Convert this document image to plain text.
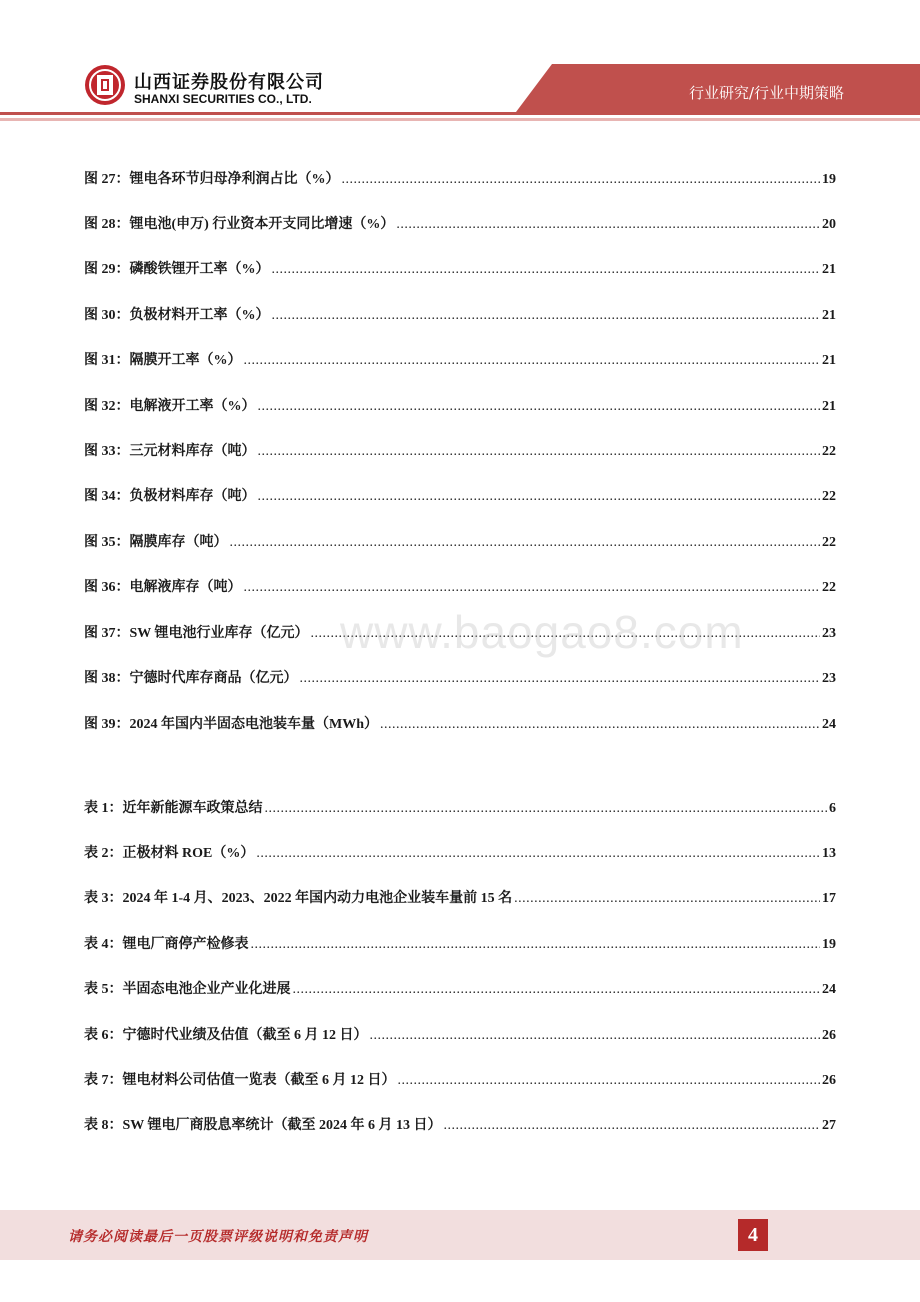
山西证券股份有限公司
SHANXI SECURITIES CO., LTD.	行业研究/行业中期策略
图 27： 锂电各环节归母净利润占比（%） .....	19
图 28： 锂电池(申万) 行业资本开支同比增速（%） .....	20
图 29： 磷酸铁锂开工率（%） .....	21
图 30： 负极材料开工率（%） .....	21
图 31： 隔膜开工率（%） .....	21
图 32： 电解液开工率（%） .....	21
图 33： 三元材料库存（吨） .....	22
图 34： 负极材料库存（吨） .....	22
图 35： 隔膜库存（吨） .....	22
图 36： 电解液库存（吨） .....	22
图 37： SW 锂电池行业库存（亿元） .....	23
图 38： 宁德时代库存商品（亿元） .....	23
图 39： 2024 年国内半固态电池装车量（MWh） .....	24
表 1： 近年新能源车政策总结 .....	6
表 2： 正极材料 ROE（%） .....	13
表 3： 2024 年 1-4 月、2023、2022 年国内动力电池企业装车量前 15 名 .....	17
表 4： 锂电厂商停产检修表 .....	19
表 5： 半固态电池企业产业化进展 .....	24
表 6： 宁德时代业绩及估值（截至 6 月 12 日） .....	26
表 7： 锂电材料公司估值一览表（截至 6 月 12 日） .....	26
表 8： SW 锂电厂商股息率统计（截至 2024 年 6 月 13 日） .....	27
www.baogao8.com
请务必阅读最后一页股票评级说明和免责声明	4
